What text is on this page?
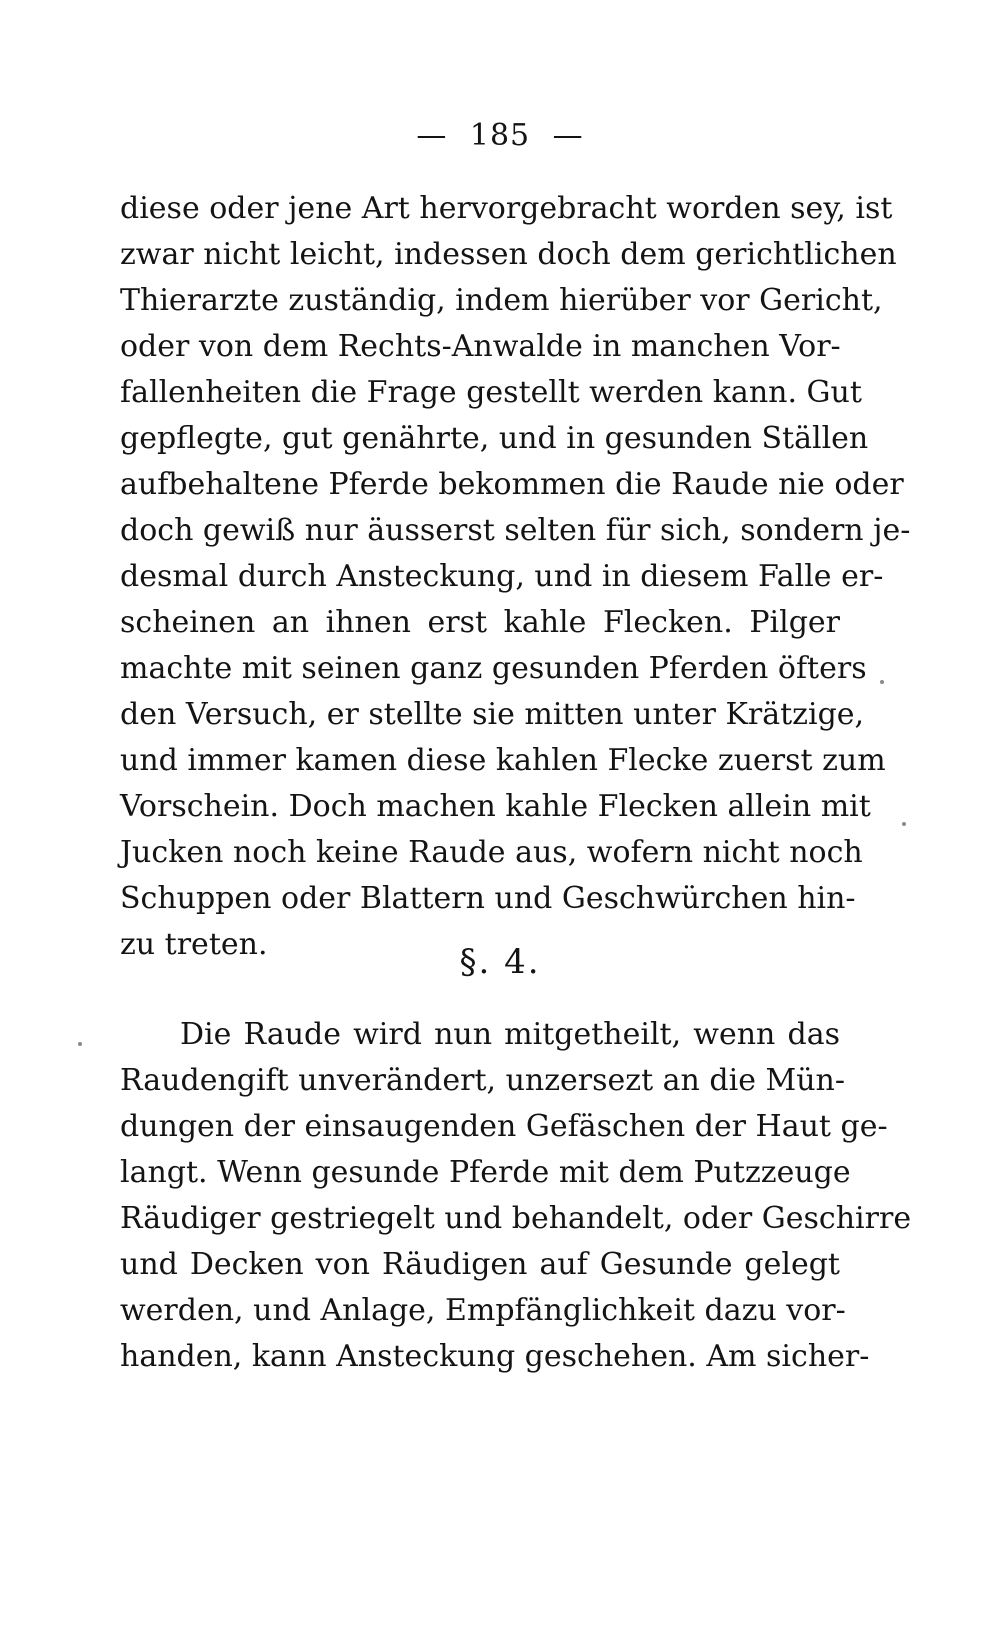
— 185 —
diese oder jene Art hervorgebracht worden sey, ist
zwar nicht leicht, indessen doch dem gerichtlichen
Thierarzte zuständig, indem hierüber vor Gericht,
oder von dem Rechts-Anwalde in manchen Vor-
fallenheiten die Frage gestellt werden kann. Gut
gepflegte, gut genährte, und in gesunden Ställen
aufbehaltene Pferde bekommen die Raude nie oder
doch gewiß nur äusserst selten für sich, sondern je-
desmal durch Ansteckung, und in diesem Falle er-
scheinen an ihnen erst kahle Flecken. Pilger
machte mit seinen ganz gesunden Pferden öfters
den Versuch, er stellte sie mitten unter Krätzige,
und immer kamen diese kahlen Flecke zuerst zum
Vorschein. Doch machen kahle Flecken allein mit
Jucken noch keine Raude aus, wofern nicht noch
Schuppen oder Blattern und Geschwürchen hin-
zu treten.	§. 4.
Die Raude wird nun mitgetheilt, wenn das
Raudengift unverändert, unzersezt an die Mün-
dungen der einsaugenden Gefäschen der Haut ge-
langt. Wenn gesunde Pferde mit dem Putzzeuge
Räudiger gestriegelt und behandelt, oder Geschirre
und Decken von Räudigen auf Gesunde gelegt
werden, und Anlage, Empfänglichkeit dazu vor-
handen, kann Ansteckung geschehen. Am sicher-
